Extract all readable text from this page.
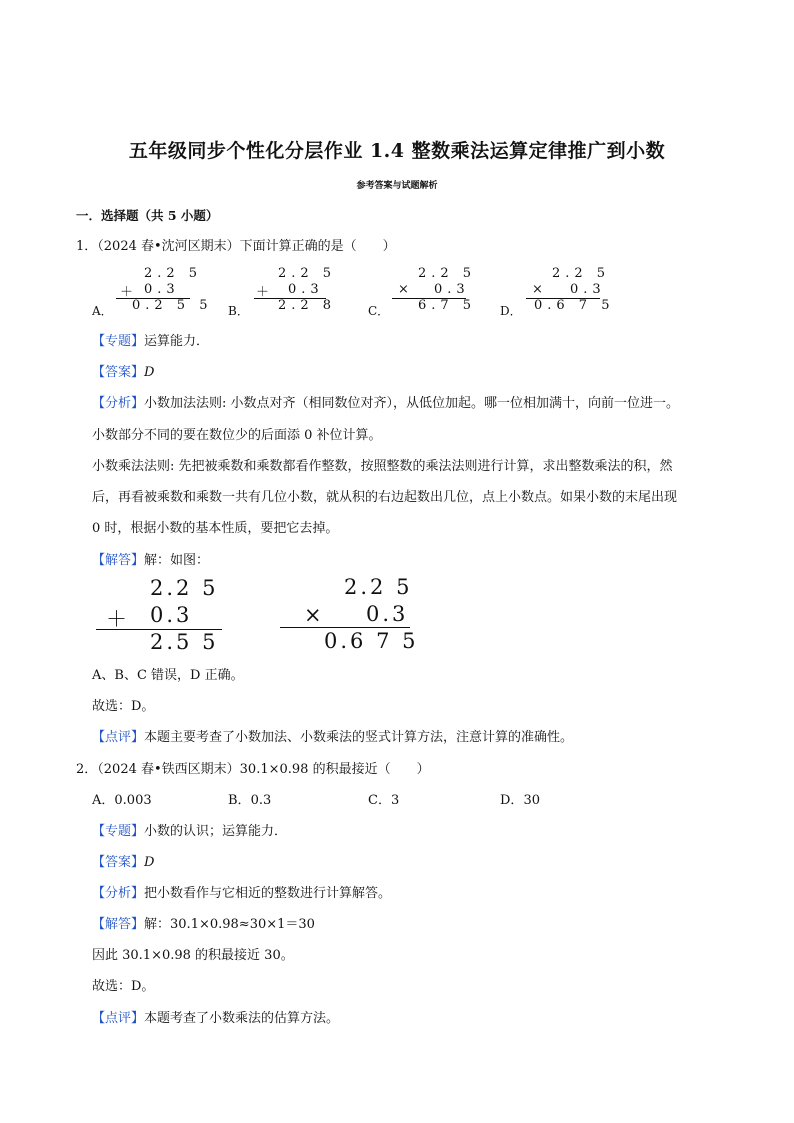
五年级同步个性化分层作业 1.4 整数乘法运算定律推广到小数
参考答案与试题解析
一．选择题（共 5 小题）
1．（2024 春•沈河区期末）下面计算正确的是（　　）
A．
2.2 5
＋ 0.3
0.2 5 5 B．
2.2 5
＋ 0.3
2.2 8	C．
2.2 5
× 0.3
6.7 5 D．
2.2 5
× 0.3
0.6 7 5
【专题】运算能力．
【答案】D
【分析】小数加法法则: 小数点对齐（相同数位对齐），从低位加起。哪一位相加满十，向前一位进一。
小数部分不同的要在数位少的后面添 0 补位计算。
小数乘法法则: 先把被乘数和乘数都看作整数，按照整数的乘法法则进行计算，求出整数乘法的积，然
后，再看被乘数和乘数一共有几位小数，就从积的右边起数出几位，点上小数点。如果小数的末尾出现
0 时，根据小数的基本性质，要把它去掉。
【解答】解：如图：
2.2 5
＋ 0.3
2.5 5
2.2 5
× 0.3
0.6 7 5
A、B、C 错误，D 正确。
故选：D。
【点评】本题主要考查了小数加法、小数乘法的竖式计算方法，注意计算的准确性。
2．（2024 春•铁西区期末）30.1×0.98 的积最接近（　　）
A．0.003	B．0.3	C．3	D．30
【专题】小数的认识；运算能力．
【答案】D
【分析】把小数看作与它相近的整数进行计算解答。
【解答】解：30.1×0.98≈30×1＝30
因此 30.1×0.98 的积最接近 30。
故选：D。
【点评】本题考查了小数乘法的估算方法。
